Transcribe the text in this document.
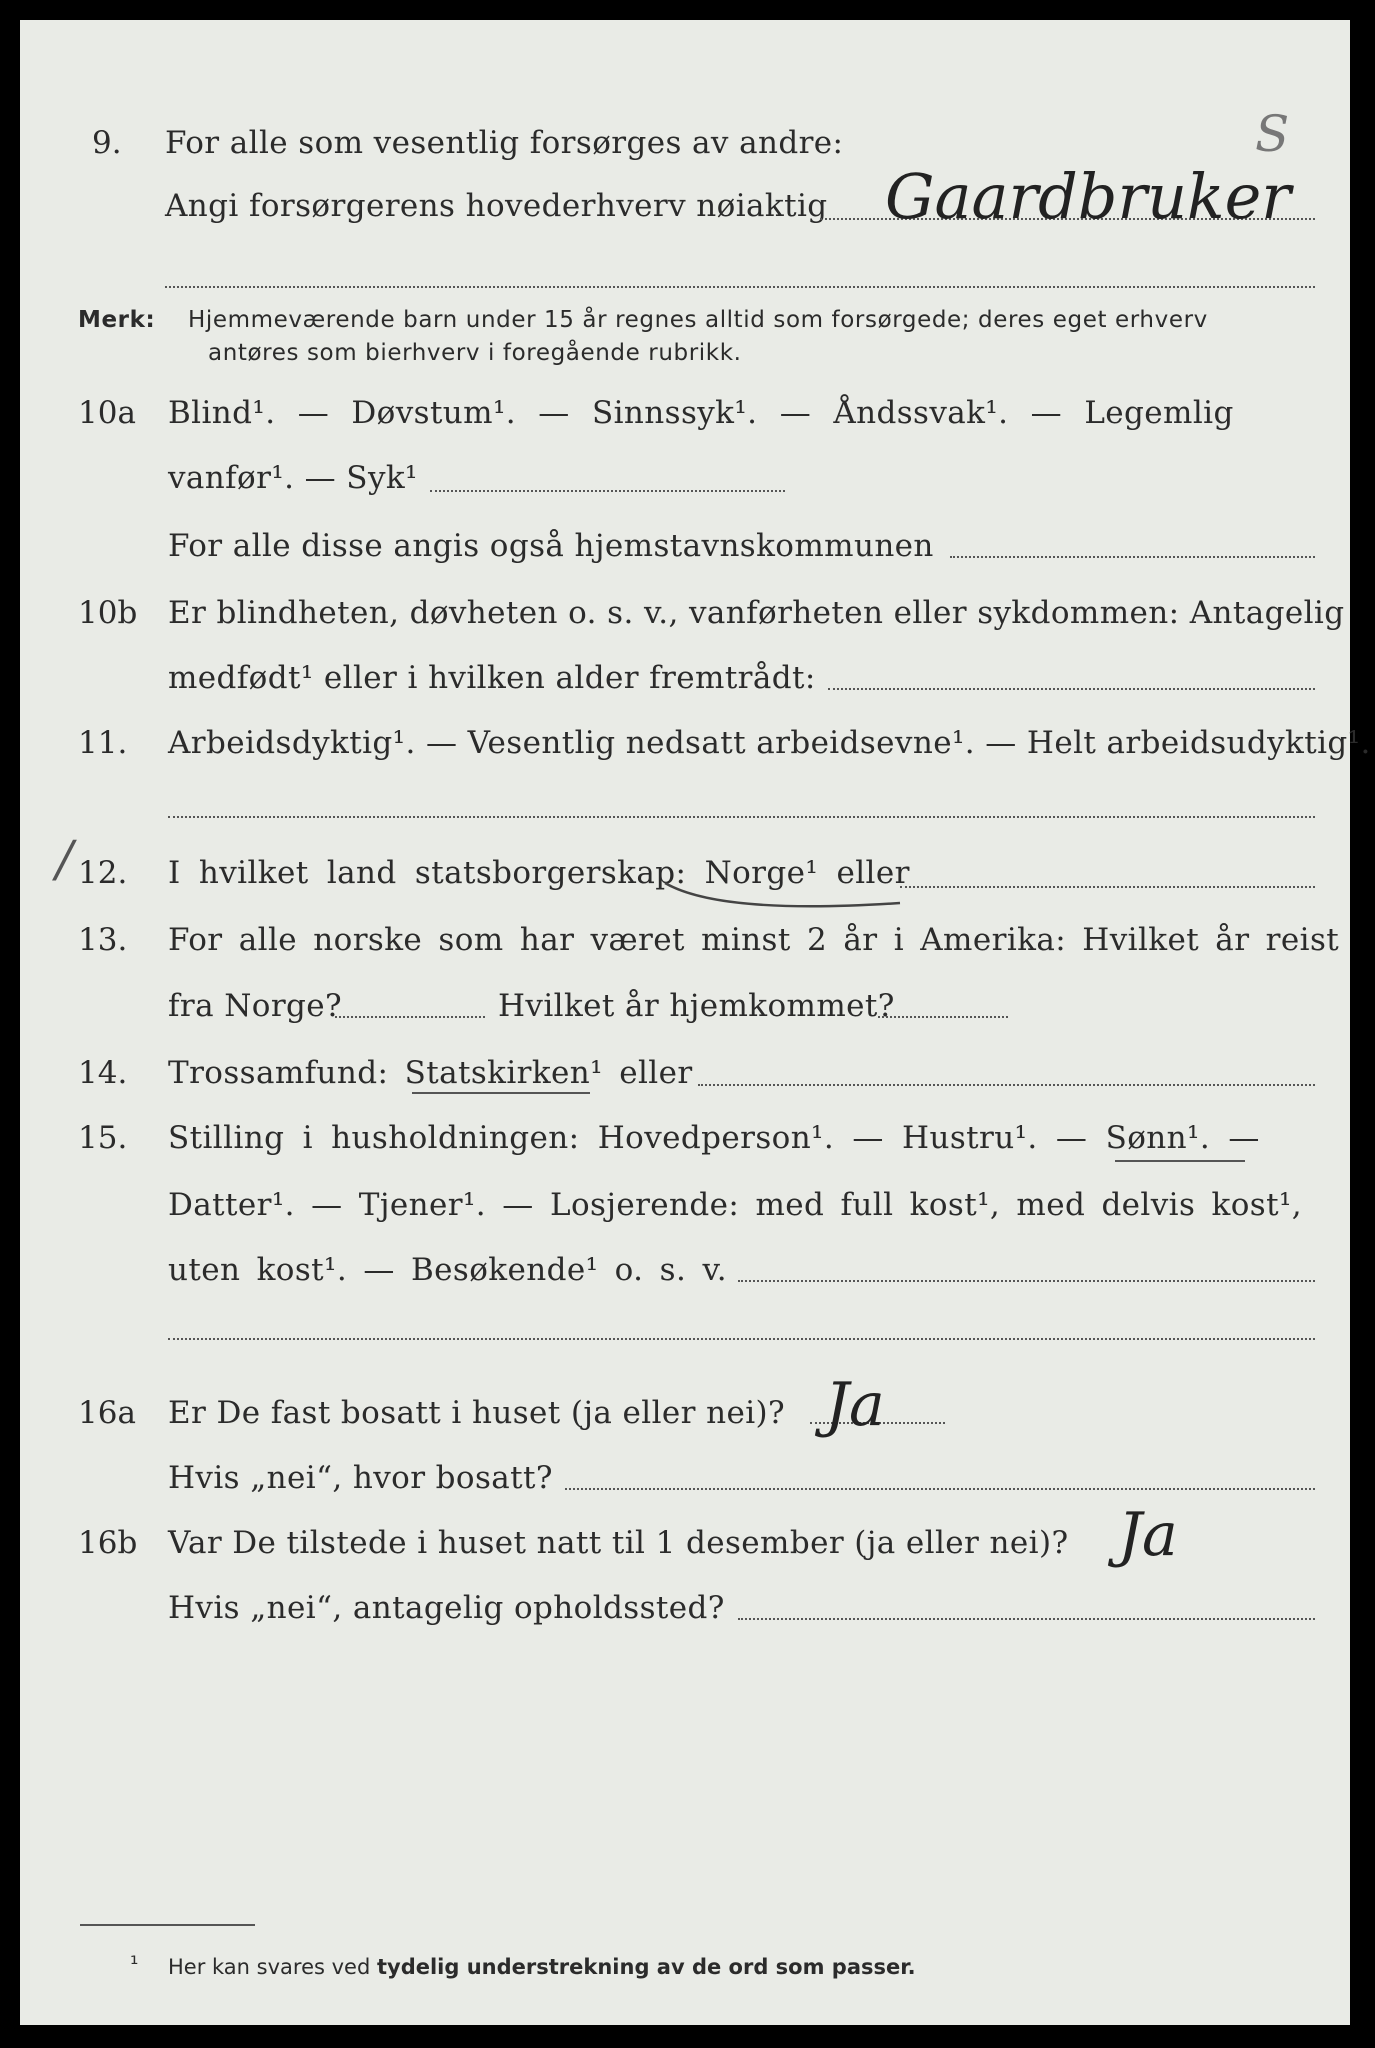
9. For alle som vesentlig forsørges av andre:
Angi forsørgerens hovederhverv nøiaktig Gaardbruker
S
Merk: Hjemmeværende barn under 15 år regnes alltid som forsørgede; deres eget erhverv
antøres som bierhverv i foregående rubrikk.
10a Blind¹. — Døvstum¹. — Sinnssyk¹. — Åndssvak¹. — Legemlig
vanfør¹. — Syk¹
For alle disse angis også hjemstavnskommunen
10b Er blindheten, døvheten o. s. v., vanførheten eller sykdommen: Antagelig
medfødt¹ eller i hvilken alder fremtrådt:
11. Arbeidsdyktig¹. — Vesentlig nedsatt arbeidsevne¹. — Helt arbeidsudyktig¹.
/ 12. I hvilket land statsborgerskap: Norge¹ eller
13. For alle norske som har været minst 2 år i Amerika: Hvilket år reist
fra Norge?	Hvilket år hjemkommet?
14. Trossamfund: Statskirken¹ eller
15. Stilling i husholdningen: Hovedperson¹. — Hustru¹. — Sønn¹. —
Datter¹. — Tjener¹. — Losjerende: med full kost¹, med delvis kost¹,
uten kost¹. — Besøkende¹ o. s. v.
16a Er De fast bosatt i huset (ja eller nei)? Ja
Hvis „nei“, hvor bosatt?
16b Var De tilstede i huset natt til 1 desember (ja eller nei)? Ja
Hvis „nei“, antagelig opholdssted?
¹ Her kan svares ved tydelig understrekning av de ord som passer.
